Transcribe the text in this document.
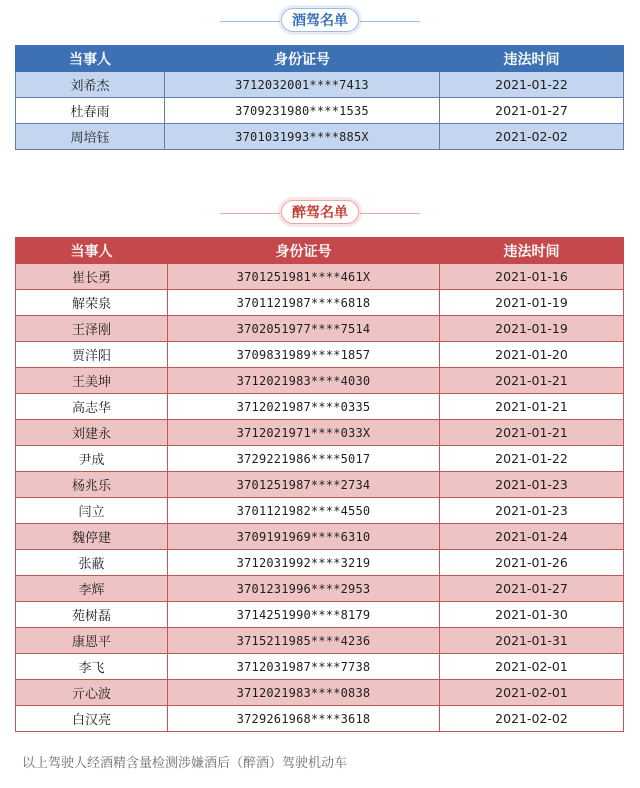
酒驾名单
当事人	身份证号	违法时间
刘希杰	3712032001****7413	2021-01-22
杜春雨	3709231980****1535	2021-01-27
周培钰	3701031993****885X	2021-02-02
醉驾名单
当事人	身份证号	违法时间
崔长勇	3701251981****461X	2021-01-16
解荣泉	3701121987****6818	2021-01-19
王泽刚	3702051977****7514	2021-01-19
贾洋阳	3709831989****1857	2021-01-20
王美坤	3712021983****4030	2021-01-21
高志华	3712021987****0335	2021-01-21
刘建永	3712021971****033X	2021-01-21
尹成	3729221986****5017	2021-01-22
杨兆乐	3701251987****2734	2021-01-23
闫立	3701121982****4550	2021-01-23
魏停建	3709191969****6310	2021-01-24
张蔽	3712031992****3219	2021-01-26
李辉	3701231996****2953	2021-01-27
苑树磊	3714251990****8179	2021-01-30
康恩平	3715211985****4236	2021-01-31
李飞	3712031987****7738	2021-02-01
亓心波	3712021983****0838	2021-02-01
白汉亮	3729261968****3618	2021-02-02
以上驾驶人经酒精含量检测涉嫌酒后（醉酒）驾驶机动车
